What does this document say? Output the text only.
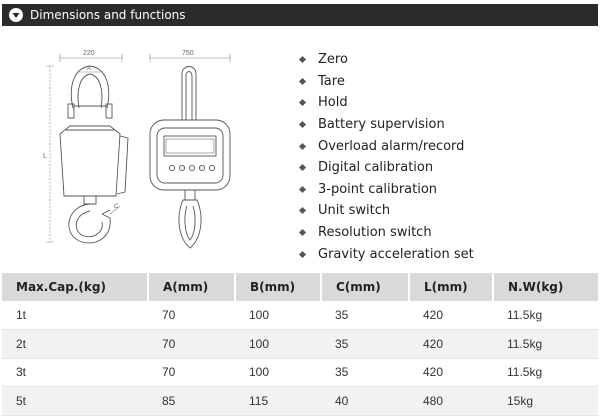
Dimensions and functions
220
A
750
L
C
Zero
Tare
Hold
Battery supervision
Overload alarm/record
Digital calibration
3-point calibration
Unit switch
Resolution switch
Gravity acceleration set
Max.Cap.(kg)	A(mm)	B(mm)	C(mm)	L(mm)	N.W(kg)
1t	70	100	35	420	11.5kg
2t	70	100	35	420	11.5kg
3t	70	100	35	420	11.5kg
5t	85	115	40	480	15kg
